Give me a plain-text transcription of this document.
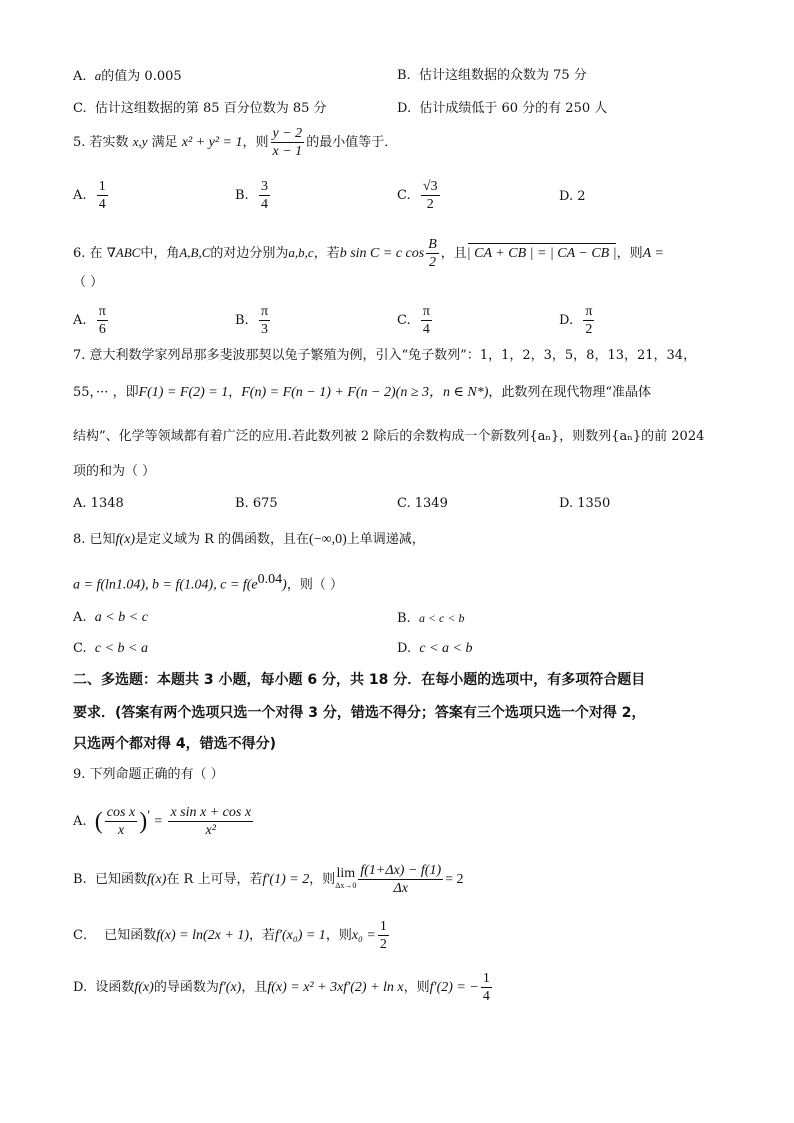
A. a的值为 0.005	B. 估计这组数据的众数为 75 分
C. 估计这组数据的第 85 百分位数为 85 分	D. 估计成绩低于 60 分的有 250 人
5. 若实数 x,y 满足 x² + y² = 1，则 $\frac{y - 2}{x - 1}$ 的最小值等于．
A. $\frac{1}{4}$	B. $\frac{3}{4}$	C. $\frac{√3}{2}$	D. 2
6. 在 ∇ABC中，角A,B,C的对边分别为a,b,c，若b sin C = c $\cos \frac{B}{2}$ ，且| CA + CB | = | CA − CB |，则A =
（ ）
A. $\frac{\pi}{6}$	B. $\frac{\pi}{3}$	C. $\frac{\pi}{4}$	D. $\frac{\pi}{2}$
7. 意大利数学家列昂那多斐波那契以兔子繁殖为例，引入“兔子数列”：1，1，2，3，5，8，13，21，34，
55，··· ，即F(1) = F(2) = 1，F(n) = F(n − 1) + F(n − 2)(n ≥ 3，n ∈ N*)，此数列在现代物理“准晶体
结构”、化学等领域都有着广泛的应用.若此数列被 2 除后的余数构成一个新数列{aₙ}，则数列{aₙ}的前 2024
项的和为（ ）
A. 1348	B. 675	C. 1349	D. 1350
8. 已知f(x)是定义域为 R 的偶函数，且在(−∞,0)上单调递减，
a = f(ln1.04), b = f(1.04), $c = f(e^{0.04})$，则（ ）
A. a < b < c	B. a < c < b
C. c < b < a	D. c < a < b
二、多选题：本题共 3 小题，每小题 6 分，共 18 分．在每小题的选项中，有多项符合题目
要求．(答案有两个选项只选一个对得 3 分，错选不得分；答案有三个选项只选一个对得 2，
只选两个都对得 4，错选不得分)
9. 下列命题正确的有（ ）
A. ( $\frac{\text{cos x}}{x} )' = \frac{\text{x sin x + cos x}}{\text{x²}}$
B. 已知函数f(x)在 R 上可导，若f′(1) = 2，则lim
$\Delta x\to 0 \frac{f(1+\Delta x) - f(1)}{\Delta x} = 2$
C． 已知函数f(x) = ln(2x + 1)，若f′(x₀) = 1，则$x_0 = \frac{1}{2}$
D. 设函数f(x)的导函数为f′(x)，且f(x) = x² + 3xf′(2) + ln x，则f′(2) = − $\frac{1}{4}$
